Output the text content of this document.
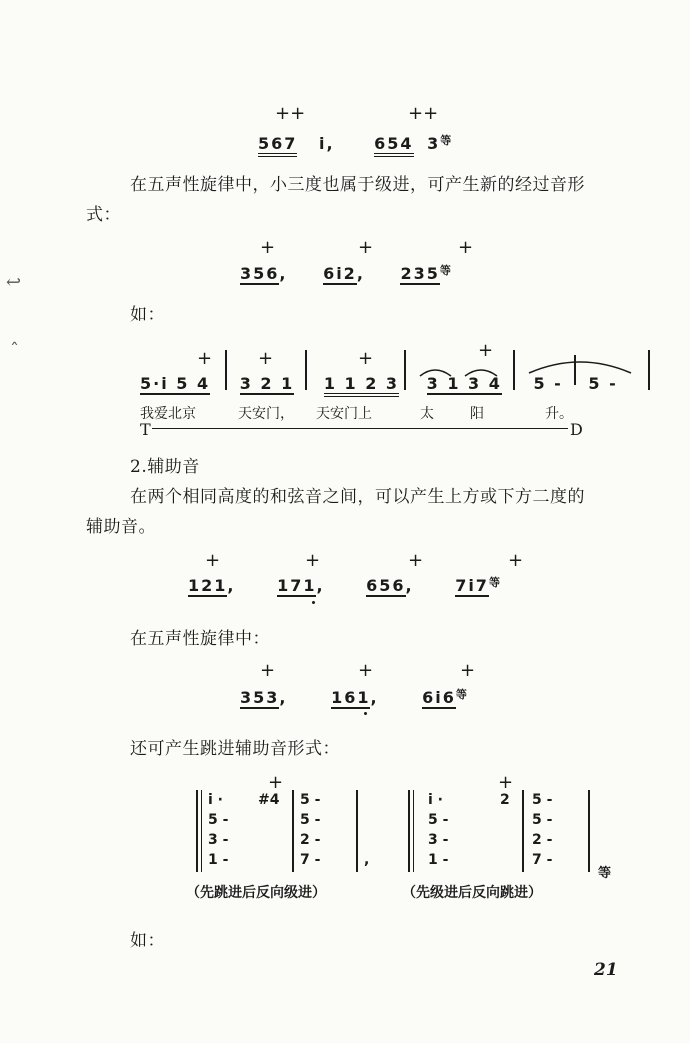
++	++
567 i, 654 $3^等$
在五声性旋律中，小三度也属于级进，可产生新的经过音形
式：
+	+	+
356, 6i2, $235^等$
如：
+	+	+	+
5·i 5 4 3 2 1 1 1 2 3 3 1 3 4 5 - 5 -
我爱北京	天安门， 天安门上	太	阳	升。
T	D
2.辅助音
在两个相同高度的和弦音之间，可以产生上方或下方二度的
辅助音。
+	+	+	+
121,	171,	656,	$7i7^等$
在五声性旋律中：
+	+	+
353,	161,	$6i6^等$
还可产生跳进辅助音形式：
+	+
i ·
5 -
3 -
1 -
#4 5 -
5 -
2 -
7 -	,
i ·
5 -
3 -
1 -
2 5 -
5 -
2 -
7 -
等
（先跳进后反向级进）	（先级进后反向跳进）
如：
21
↩
ˆ
